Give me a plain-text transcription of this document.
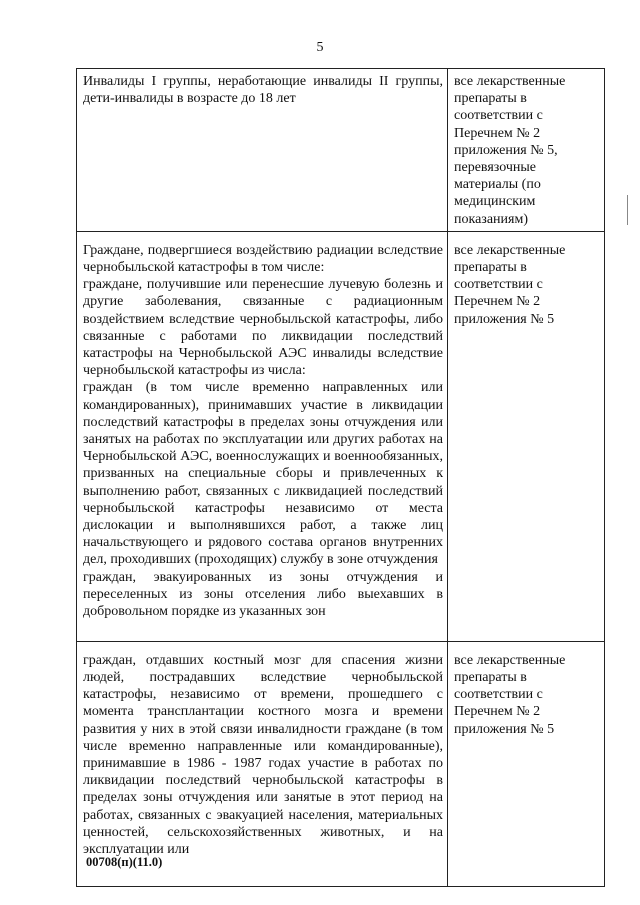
5
Инвалиды I группы, неработающие инвалиды II группы, дети-инвалиды в возрасте до 18 лет	все лекарственные препараты в соответствии с Перечнем № 2 приложения № 5, перевязочные материалы (по медицинским показаниям)

Граждане, подвергшиеся воздействию радиации вследствие чернобыльской катастрофы в том числе:
граждане, получившие или перенесшие лучевую болезнь и другие заболевания, связанные с радиационным воздействием вследствие чернобыльской катастрофы, либо связанные с работами по ликвидации последствий катастрофы на Чернобыльской АЭС инвалиды вследствие чернобыльской катастрофы из числа:
граждан (в том числе временно направленных или командированных), принимавших участие в ликвидации последствий катастрофы в пределах зоны отчуждения или занятых на работах по эксплуатации или других работах на Чернобыльской АЭС, военнослужащих и военнообязанных, призванных на специальные сборы и привлеченных к выполнению работ, связанных с ликвидацией последствий чернобыльской катастрофы независимо от места дислокации и выполнявшихся работ, а также лиц начальствующего и рядового состава органов внутренних дел, проходивших (проходящих) службу в зоне отчуждения
граждан, эвакуированных из зоны отчуждения и переселенных из зоны отселения либо выехавших в добровольном порядке из указанных зон	все лекарственные препараты в соответствии с Перечнем № 2 приложения № 5

граждан, отдавших костный мозг для спасения жизни людей, пострадавших вследствие чернобыльской катастрофы, независимо от времени, прошедшего с момента трансплантации костного мозга и времени развития у них в этой связи инвалидности граждане (в том числе временно направленные или командированные), принимавшие в 1986 - 1987 годах участие в работах по ликвидации последствий чернобыльской катастрофы в пределах зоны отчуждения или занятые в этот период на работах, связанных с эвакуацией населения, материальных ценностей, сельскохозяйственных животных, и на эксплуатации или	все лекарственные препараты в соответствии с Перечнем № 2 приложения № 5
00708(п)(11.0)
